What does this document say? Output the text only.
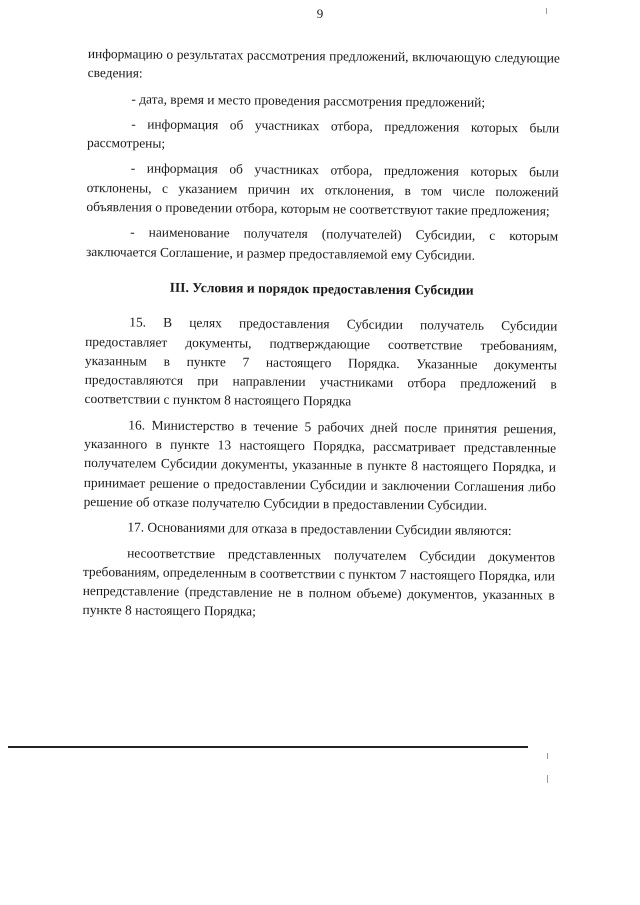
9

информацию о результатах рассмотрения предложений, включающую следующие сведения:

- дата, время и место проведения рассмотрения предложений;

- информация об участниках отбора, предложения которых были рассмотрены;

- информация об участниках отбора, предложения которых были отклонены, с указанием причин их отклонения, в том числе положений объявления о проведении отбора, которым не соответствуют такие предложения;

- наименование получателя (получателей) Субсидии, с которым заключается Соглашение, и размер предоставляемой ему Субсидии.

III. Условия и порядок предоставления Субсидии

15. В целях предоставления Субсидии получатель Субсидии предоставляет документы, подтверждающие соответствие требованиям, указанным в пункте 7 настоящего Порядка. Указанные документы предоставляются при направлении участниками отбора предложений в соответствии с пунктом 8 настоящего Порядка

16. Министерство в течение 5 рабочих дней после принятия решения, указанного в пункте 13 настоящего Порядка, рассматривает представленные получателем Субсидии документы, указанные в пункте 8 настоящего Порядка, и принимает решение о предоставлении Субсидии и заключении Соглашения либо решение об отказе получателю Субсидии в предоставлении Субсидии.

17. Основаниями для отказа в предоставлении Субсидии являются:

несоответствие представленных получателем Субсидии документов требованиям, определенным в соответствии с пунктом 7 настоящего Порядка, или непредставление (представление не в полном объеме) документов, указанных в пункте 8 настоящего Порядка;
